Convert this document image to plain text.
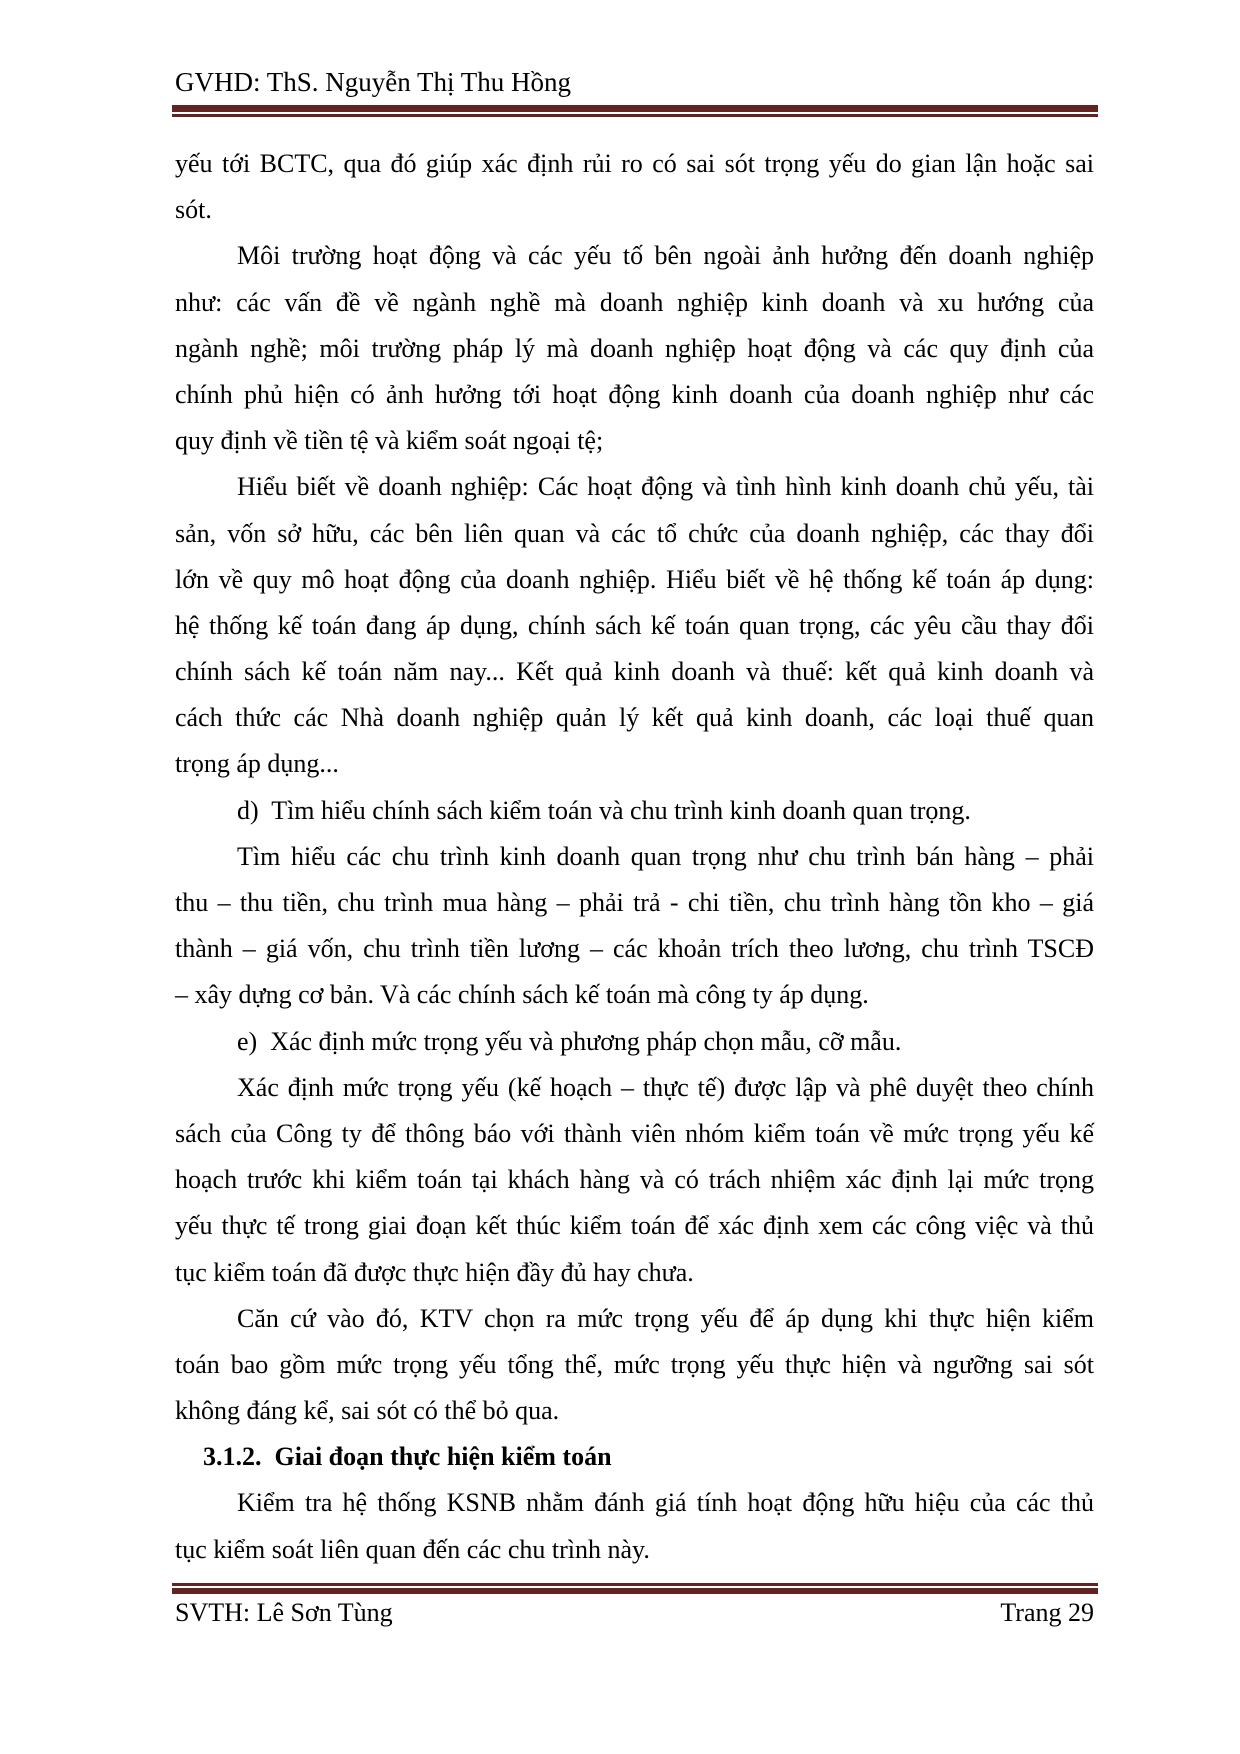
GVHD: ThS. Nguyễn Thị Thu Hồng
yếu tới BCTC, qua đó giúp xác định rủi ro có sai sót trọng yếu do gian lận hoặc sai
sót.
Môi trường hoạt động và các yếu tố bên ngoài ảnh hưởng đến doanh nghiệp
như: các vấn đề về ngành nghề mà doanh nghiệp kinh doanh và xu hướng của
ngành nghề; môi trường pháp lý mà doanh nghiệp hoạt động và các quy định của
chính phủ hiện có ảnh hưởng tới hoạt động kinh doanh của doanh nghiệp như các
quy định về tiền tệ và kiểm soát ngoại tệ;
Hiểu biết về doanh nghiệp: Các hoạt động và tình hình kinh doanh chủ yếu, tài
sản, vốn sở hữu, các bên liên quan và các tổ chức của doanh nghiệp, các thay đổi
lớn về quy mô hoạt động của doanh nghiệp. Hiểu biết về hệ thống kế toán áp dụng:
hệ thống kế toán đang áp dụng, chính sách kế toán quan trọng, các yêu cầu thay đổi
chính sách kế toán năm nay... Kết quả kinh doanh và thuế: kết quả kinh doanh và
cách thức các Nhà doanh nghiệp quản lý kết quả kinh doanh, các loại thuế quan
trọng áp dụng...
d)  Tìm hiểu chính sách kiểm toán và chu trình kinh doanh quan trọng.
Tìm hiểu các chu trình kinh doanh quan trọng như chu trình bán hàng – phải
thu – thu tiền, chu trình mua hàng – phải trả - chi tiền, chu trình hàng tồn kho – giá
thành – giá vốn, chu trình tiền lương – các khoản trích theo lương, chu trình TSCĐ
– xây dựng cơ bản. Và các chính sách kế toán mà công ty áp dụng.
e)  Xác định mức trọng yếu và phương pháp chọn mẫu, cỡ mẫu.
Xác định mức trọng yếu (kế hoạch – thực tế) được lập và phê duyệt theo chính
sách của Công ty để thông báo với thành viên nhóm kiểm toán về mức trọng yếu kế
hoạch trước khi kiểm toán tại khách hàng và có trách nhiệm xác định lại mức trọng
yếu thực tế trong giai đoạn kết thúc kiểm toán để xác định xem các công việc và thủ
tục kiểm toán đã được thực hiện đầy đủ hay chưa.
Căn cứ vào đó, KTV chọn ra mức trọng yếu để áp dụng khi thực hiện kiểm
toán bao gồm mức trọng yếu tổng thể, mức trọng yếu thực hiện và ngưỡng sai sót
không đáng kể, sai sót có thể bỏ qua.
3.1.2.  Giai đoạn thực hiện kiểm toán
Kiểm tra hệ thống KSNB nhằm đánh giá tính hoạt động hữu hiệu của các thủ
tục kiểm soát liên quan đến các chu trình này.
SVTH: Lê Sơn Tùng	Trang 29
